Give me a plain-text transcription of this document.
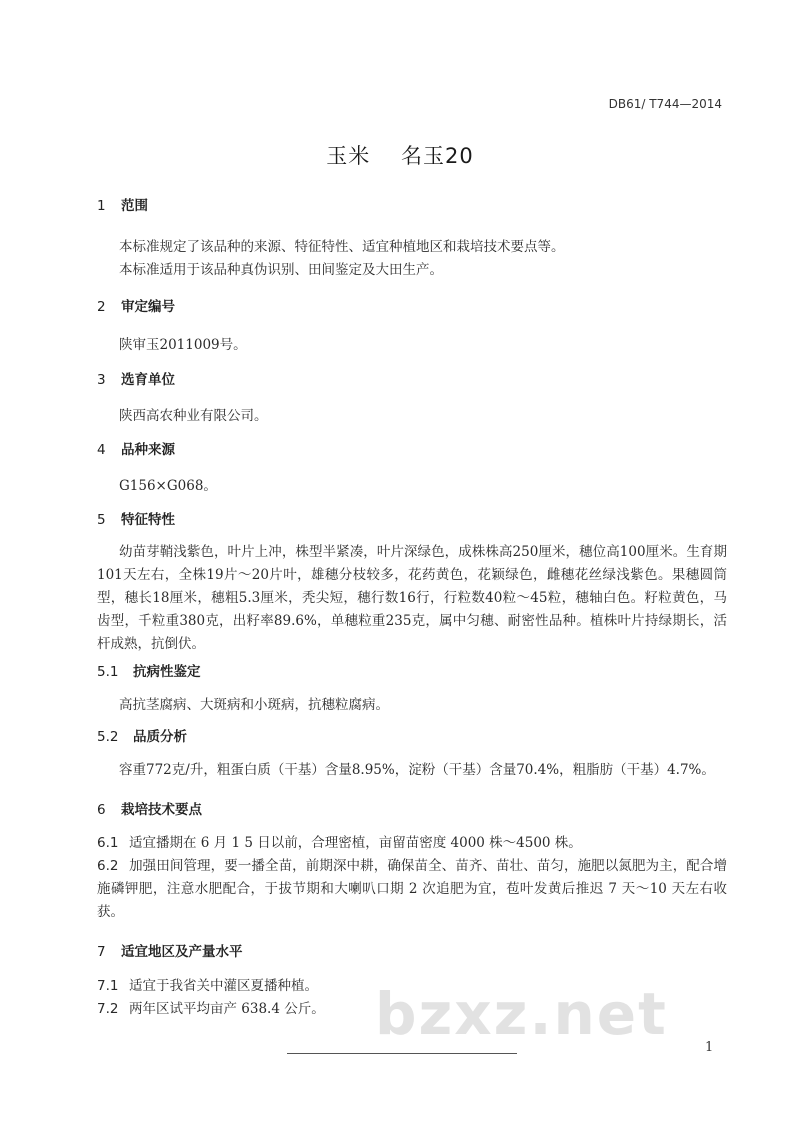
DB61/ T744—2014
玉米    名玉20
1 范围
本标准规定了该品种的来源、特征特性、适宜种植地区和栽培技术要点等。
本标准适用于该品种真伪识别、田间鉴定及大田生产。
2 审定编号
陕审玉2011009号。
3 选育单位
陕西高农种业有限公司。
4 品种来源
G156×G068。
5 特征特性
幼苗芽鞘浅紫色，叶片上冲，株型半紧凑，叶片深绿色，成株株高250厘米，穗位高100厘米。生育期101天左右，全株19片～20片叶，雄穗分枝较多，花药黄色，花颖绿色，雌穗花丝绿浅紫色。果穗圆筒型，穗长18厘米，穗粗5.3厘米，秃尖短，穗行数16行，行粒数40粒～45粒，穗轴白色。籽粒黄色，马齿型，千粒重380克，出籽率89.6%，单穗粒重235克，属中匀穗、耐密性品种。植株叶片持绿期长，活杆成熟，抗倒伏。
5.1 抗病性鉴定
高抗茎腐病、大斑病和小斑病，抗穗粒腐病。
5.2 品质分析
容重772克/升，粗蛋白质（干基）含量8.95%，淀粉（干基）含量70.4%，粗脂肪（干基）4.7%。
6 栽培技术要点
6.1 适宜播期在 6 月 1 5 日以前，合理密植，亩留苗密度 4000 株～4500 株。
6.2 加强田间管理，要一播全苗，前期深中耕，确保苗全、苗齐、苗壮、苗匀，施肥以氮肥为主，配合增施磷钾肥，注意水肥配合，于拔节期和大喇叭口期 2 次追肥为宜，苞叶发黄后推迟 7 天～10 天左右收获。
7 适宜地区及产量水平
7.1 适宜于我省关中灌区夏播种植。
7.2 两年区试平均亩产 638.4 公斤。 bzxz.net	1
